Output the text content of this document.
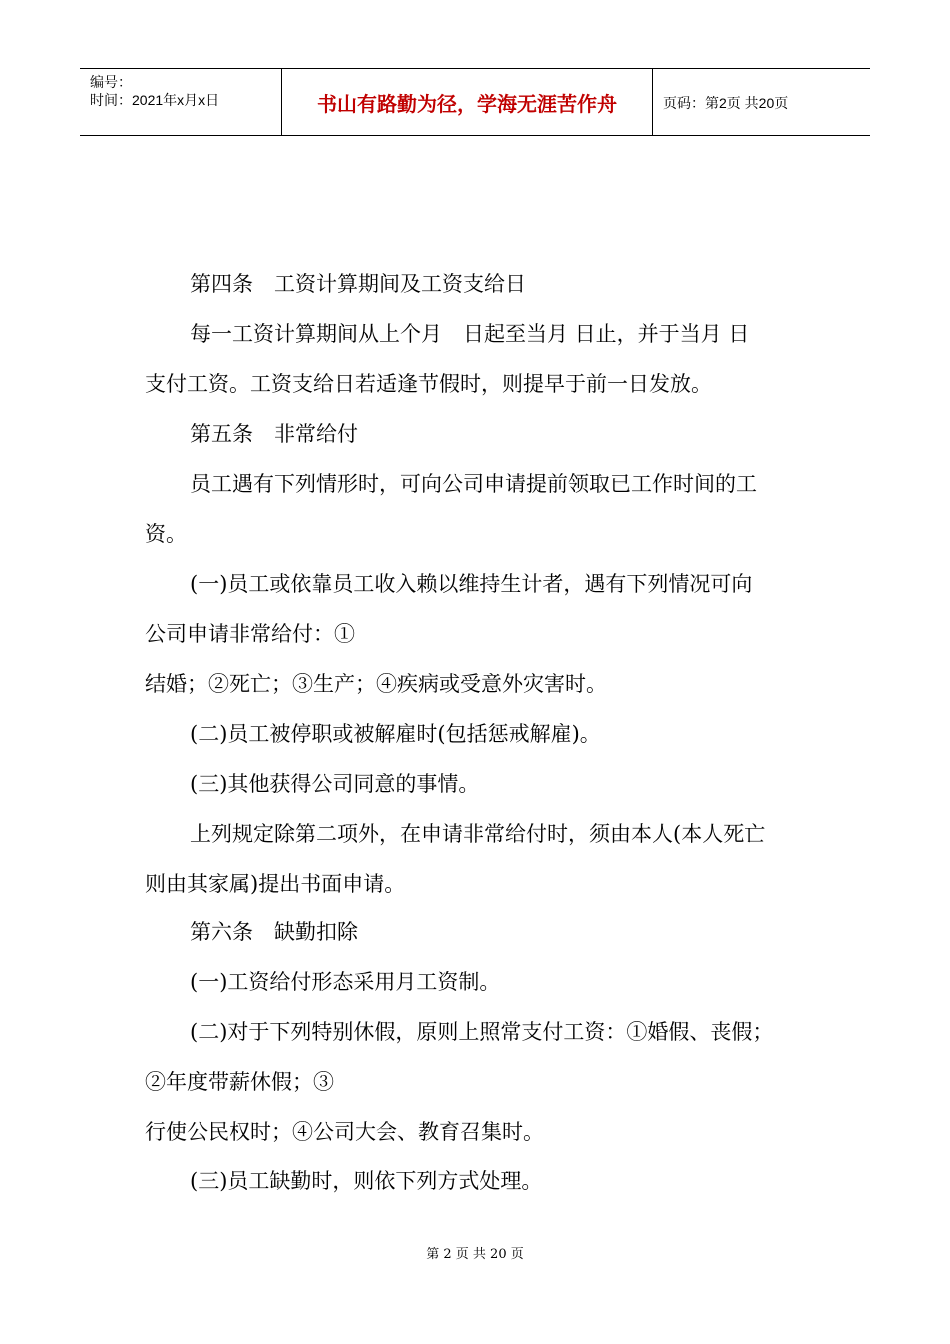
编号：
时间：2021年x月x日	书山有路勤为径，学海无涯苦作舟	页码：第2页 共20页
第四条　工资计算期间及工资支给日
每一工资计算期间从上个月　日起至当月 日止，并于当月 日
支付工资。工资支给日若适逢节假时，则提早于前一日发放。
第五条　非常给付
员工遇有下列情形时，可向公司申请提前领取已工作时间的工
资。
(一)员工或依靠员工收入赖以维持生计者，遇有下列情况可向
公司申请非常给付：①
结婚；②死亡；③生产；④疾病或受意外灾害时。
(二)员工被停职或被解雇时(包括惩戒解雇)。
(三)其他获得公司同意的事情。
上列规定除第二项外，在申请非常给付时，须由本人(本人死亡
则由其家属)提出书面申请。
第六条　缺勤扣除
(一)工资给付形态采用月工资制。
(二)对于下列特别休假，原则上照常支付工资：①婚假、丧假；
②年度带薪休假；③
行使公民权时；④公司大会、教育召集时。
(三)员工缺勤时，则依下列方式处理。
第 2 页 共 20 页
